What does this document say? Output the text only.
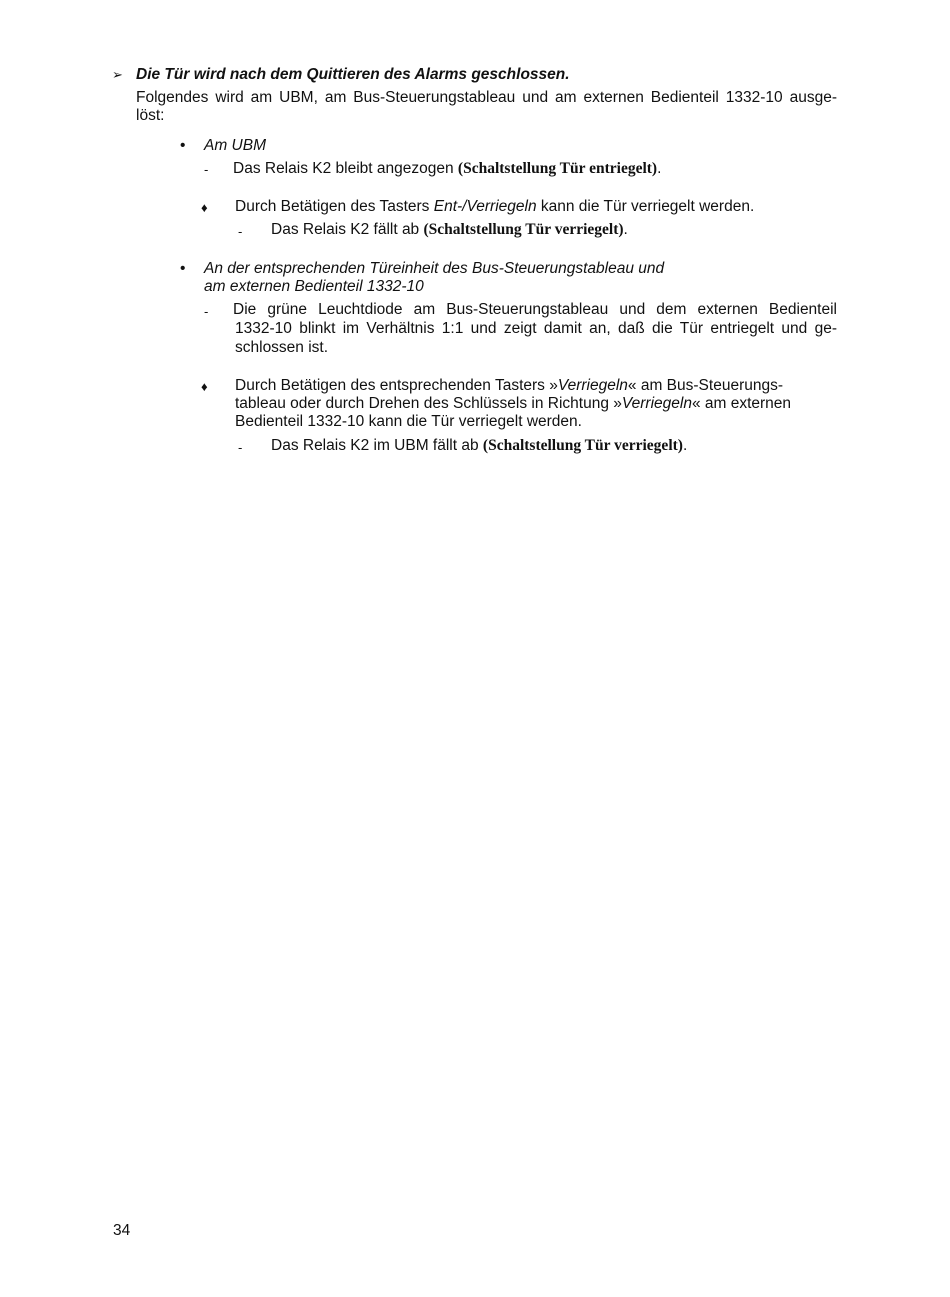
➢ Die Tür wird nach dem Quittieren des Alarms geschlossen.
Folgendes wird am UBM, am Bus-Steuerungstableau und am externen Bedienteil 1332-10 ausge-
löst:
• Am UBM
- Das Relais K2 bleibt angezogen (Schaltstellung Tür entriegelt).
♦ Durch Betätigen des Tasters Ent-/Verriegeln kann die Tür verriegelt werden.
- Das Relais K2 fällt ab (Schaltstellung Tür verriegelt).
• An der entsprechenden Türeinheit des Bus-Steuerungstableau und
am externen Bedienteil 1332-10
- Die grüne Leuchtdiode am Bus-Steuerungstableau und dem externen Bedienteil
1332-10 blinkt im Verhältnis 1:1 und zeigt damit an, daß die Tür entriegelt und ge-
schlossen ist.
♦ Durch Betätigen des entsprechenden Tasters »Verriegeln« am Bus-Steuerungs-
tableau oder durch Drehen des Schlüssels in Richtung »Verriegeln« am externen
Bedienteil 1332-10 kann die Tür verriegelt werden.
- Das Relais K2 im UBM fällt ab (Schaltstellung Tür verriegelt).
34
